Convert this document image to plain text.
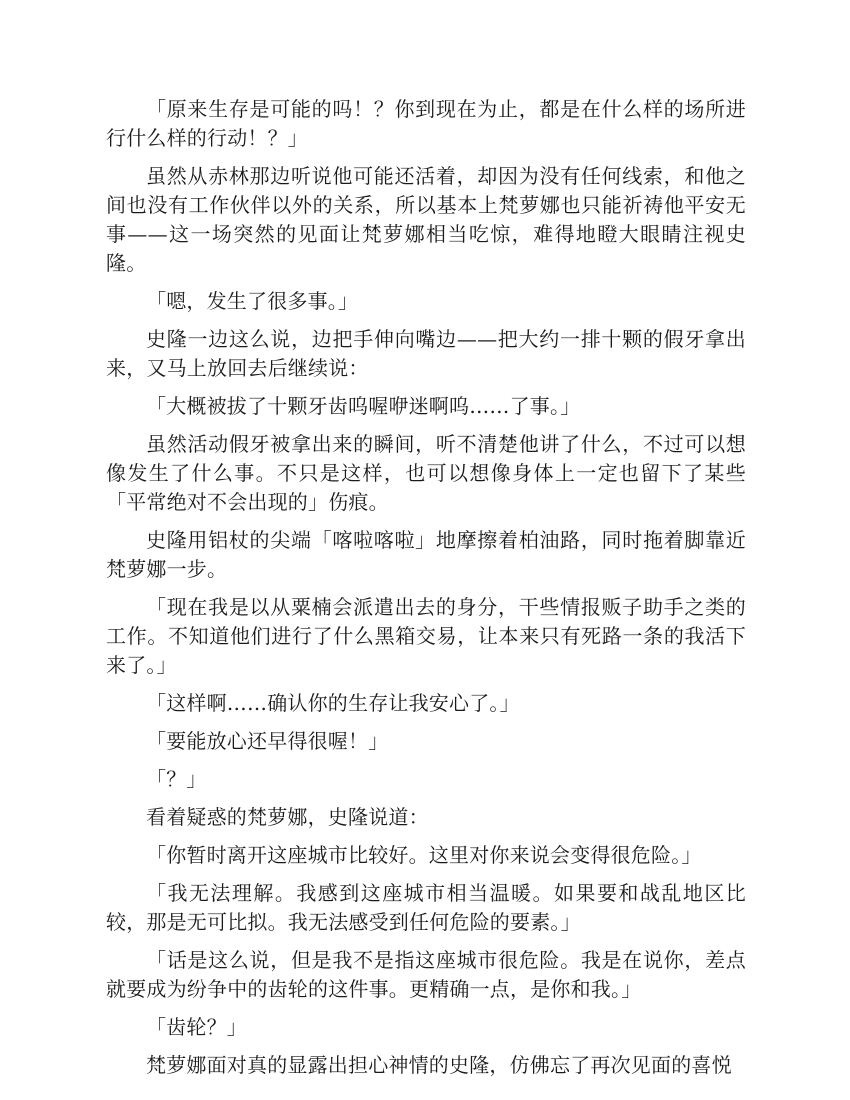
「原来生存是可能的吗！？你到现在为止，都是在什么样的场所进行什么样的行动！？」

虽然从赤林那边听说他可能还活着，却因为没有任何线索，和他之间也没有工作伙伴以外的关系，所以基本上梵萝娜也只能祈祷他平安无事——这一场突然的见面让梵萝娜相当吃惊，难得地瞪大眼睛注视史隆。

「嗯，发生了很多事。」

史隆一边这么说，边把手伸向嘴边——把大约一排十颗的假牙拿出来，又马上放回去后继续说：

「大概被拔了十颗牙齿呜喔咿迷啊呜……了事。」

虽然活动假牙被拿出来的瞬间，听不清楚他讲了什么，不过可以想像发生了什么事。不只是这样，也可以想像身体上一定也留下了某些「平常绝对不会出现的」伤痕。

史隆用铝杖的尖端「喀啦喀啦」地摩擦着柏油路，同时拖着脚靠近梵萝娜一步。

「现在我是以从粟楠会派遣出去的身分，干些情报贩子助手之类的工作。不知道他们进行了什么黑箱交易，让本来只有死路一条的我活下来了。」

「这样啊……确认你的生存让我安心了。」

「要能放心还早得很喔！」

「？」

看着疑惑的梵萝娜，史隆说道：

「你暂时离开这座城市比较好。这里对你来说会变得很危险。」

「我无法理解。我感到这座城市相当温暖。如果要和战乱地区比较，那是无可比拟。我无法感受到任何危险的要素。」

「话是这么说，但是我不是指这座城市很危险。我是在说你，差点就要成为纷争中的齿轮的这件事。更精确一点，是你和我。」

「齿轮？」

梵萝娜面对真的显露出担心神情的史隆，仿佛忘了再次见面的喜悦
